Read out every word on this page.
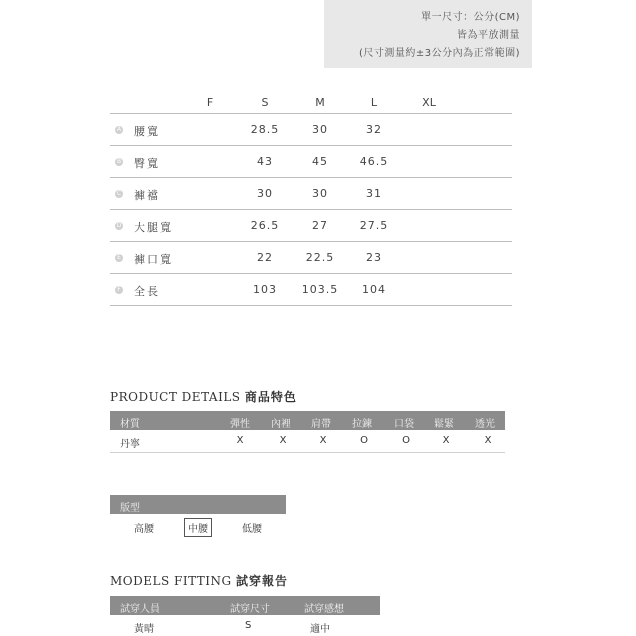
單一尺寸：公分(CM)
皆為平放測量
(尺寸測量約±3公分內為正常範圍)
F	S	M	L	XL
A 腰寬	28.5	30	32
B 臀寬	43	45	46.5
C 褲襠	30	30	31
D 大腿寬	26.5	27	27.5
E 褲口寬	22	22.5	23
F 全長	103	103.5	104
PRODUCT DETAILS 商品特色
材質	彈性 內裡 肩帶 拉鍊 口袋 鬆緊 透光
丹寧	X	X	X	O	O	X	X
版型
高腰	中腰	低腰
MODELS FITTING 試穿報告
試穿人員	試穿尺寸	試穿感想
黃晴	S	適中
